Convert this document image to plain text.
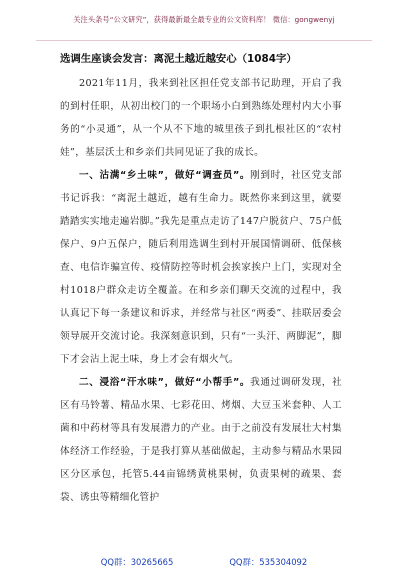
关注头条号“公文研究”，获得最新最全最专业的公文资料库！ 微信：gongwenyj
选调生座谈会发言：离泥土越近越安心（1084字）

2021年11月，我来到社区担任党支部书记助理，开启了我的到村任职，从初出校门的一个职场小白到熟练处理村内大小事务的“小灵通”，从一个从不下地的城里孩子到扎根社区的“农村娃”，基层沃土和乡亲们共同见证了我的成长。

一、沾满“乡土味”，做好“调查员”。刚到时，社区党支部书记诉我：“离泥土越近，越有生命力。既然你来到这里，就要踏踏实实地走遍岩脚。”我先是重点走访了147户脱贫户、75户低保户、9户五保户，随后利用选调生到村开展国情调研、低保核查、电信诈骗宣传、疫情防控等时机会挨家挨户上门，实现对全村1018户群众走访全覆盖。在和乡亲们聊天交流的过程中，我认真记下每一条建议和诉求，并经常与社区“两委”、挂联居委会领导展开交流讨论。我深刻意识到，只有“一头汗、两脚泥”，脚下才会沾上泥土味，身上才会有烟火气。

二、浸浴“汗水味”，做好“小帮手”。我通过调研发现，社区有马铃薯、精品水果、七彩花田、烤烟、大豆玉米套种、人工菌和中药材等具有发展潜力的产业。由于之前没有发展壮大村集体经济工作经验，于是我打算从基础做起，主动参与精品水果园区分区承包，托管5.44亩锦绣黄桃果树，负责果树的疏果、套袋、诱虫等精细化管护

QQ群：30265665	QQ群：535304092
